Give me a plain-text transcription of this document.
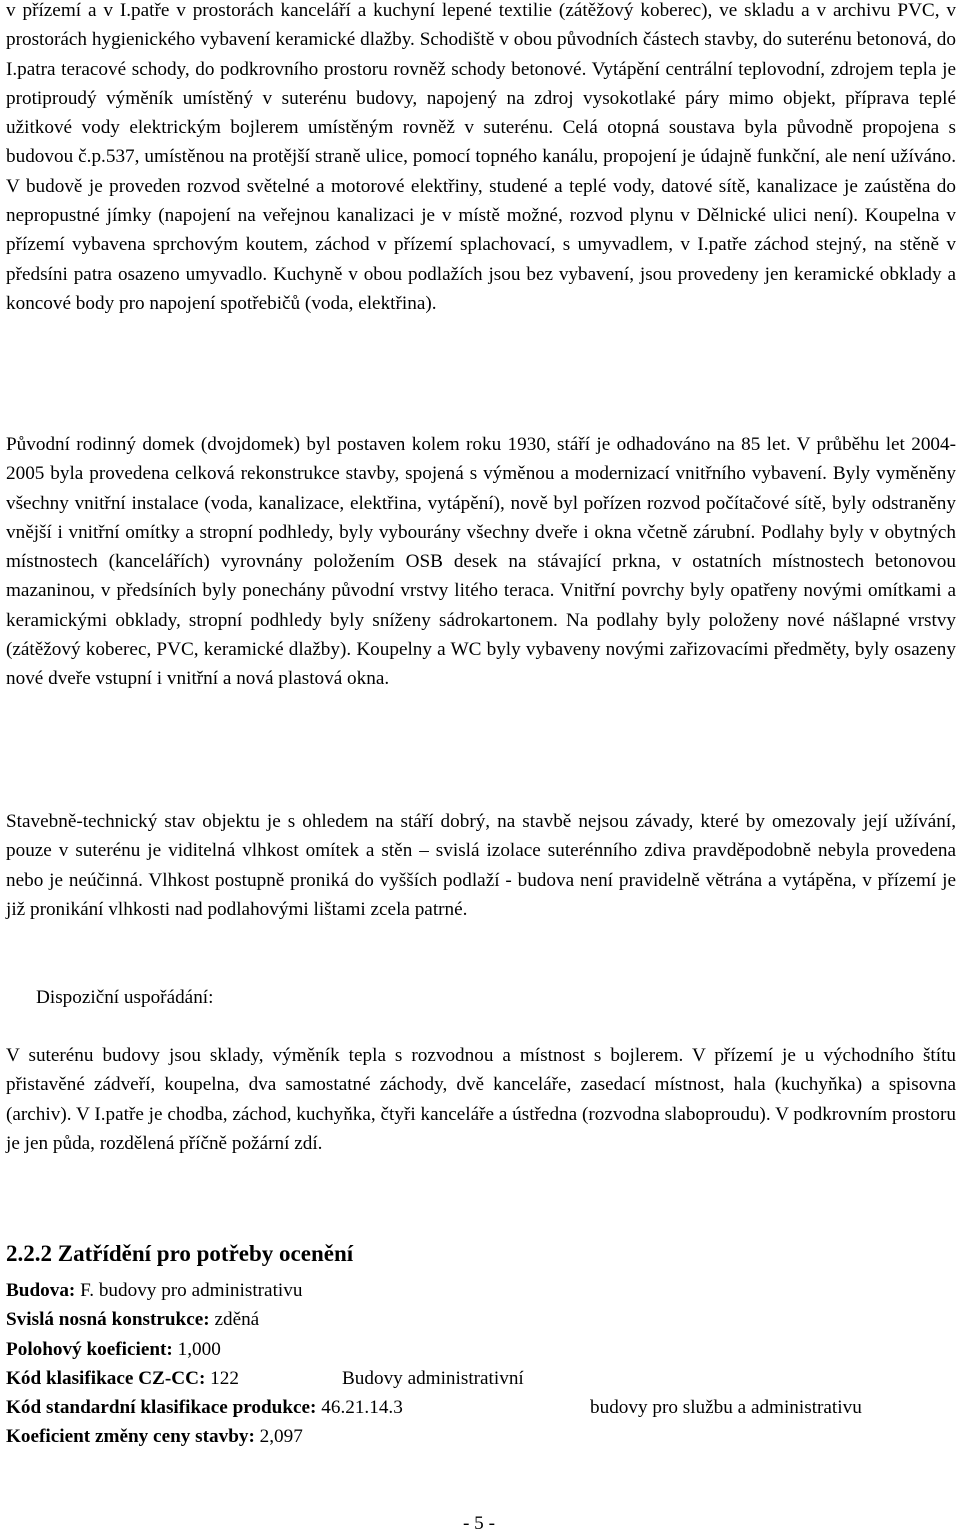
v přízemí a v I.patře v prostorách kanceláří a kuchyní lepené textilie (zátěžový koberec), ve skladu a v archivu PVC, v prostorách hygienického vybavení keramické dlažby. Schodiště v obou původních částech stavby, do suterénu betonová, do I.patra teracové schody, do podkrovního prostoru rovněž schody betonové. Vytápění centrální teplovodní, zdrojem tepla je protiproudý výměník umístěný v suterénu budovy, napojený na zdroj vysokotlaké páry mimo objekt, příprava teplé užitkové vody elektrickým bojlerem umístěným rovněž v suterénu. Celá otopná soustava byla původně propojena s budovou č.p.537, umístěnou na protější straně ulice, pomocí topného kanálu, propojení je údajně funkční, ale není užíváno. V budově je proveden rozvod světelné a motorové elektřiny, studené a teplé vody, datové sítě, kanalizace je zaústěna do nepropustné jímky (napojení na veřejnou kanalizaci je v místě možné, rozvod plynu v Dělnické ulici není). Koupelna v přízemí vybavena sprchovým koutem, záchod v přízemí splachovací, s umyvadlem, v I.patře záchod stejný, na stěně v předsíni patra osazeno umyvadlo. Kuchyně v obou podlažích jsou bez vybavení, jsou provedeny jen keramické obklady a koncové body pro napojení spotřebičů (voda, elektřina).

Původní rodinný domek (dvojdomek) byl postaven kolem roku 1930, stáří je odhadováno na 85 let. V průběhu let 2004-2005 byla provedena celková rekonstrukce stavby, spojená s výměnou a modernizací vnitřního vybavení. Byly vyměněny všechny vnitřní instalace (voda, kanalizace, elektřina, vytápění), nově byl pořízen rozvod počítačové sítě, byly odstraněny vnější i vnitřní omítky a stropní podhledy, byly vybourány všechny dveře i okna včetně zárubní. Podlahy byly v obytných místnostech (kancelářích) vyrovnány položením OSB desek na stávající prkna, v ostatních místnostech betonovou mazaninou, v předsíních byly ponechány původní vrstvy litého teraca. Vnitřní povrchy byly opatřeny novými omítkami a keramickými obklady, stropní podhledy byly sníženy sádrokartonem. Na podlahy byly položeny nové nášlapné vrstvy (zátěžový koberec, PVC, keramické dlažby). Koupelny a WC byly vybaveny novými zařizovacími předměty, byly osazeny nové dveře vstupní i vnitřní a nová plastová okna.

Stavebně-technický stav objektu je s ohledem na stáří dobrý, na stavbě nejsou závady, které by omezovaly její užívání, pouze v suterénu je viditelná vlhkost omítek a stěn – svislá izolace suterénního zdiva pravděpodobně nebyla provedena nebo je neúčinná. Vlhkost postupně proniká do vyšších podlaží - budova není pravidelně větrána a vytápěna, v přízemí je již pronikání vlhkosti nad podlahovými lištami zcela patrné.

Dispoziční uspořádání:

V suterénu budovy jsou sklady, výměník tepla s rozvodnou a místnost s bojlerem. V přízemí je u východního štítu přistavěné zádveří, koupelna, dva samostatné záchody, dvě kanceláře, zasedací místnost, hala (kuchyňka) a spisovna (archiv). V I.patře je chodba, záchod, kuchyňka, čtyři kanceláře a ústředna (rozvodna slaboproudu). V podkrovním prostoru je jen půda, rozdělená příčně požární zdí.

2.2.2 Zatřídění pro potřeby ocenění
Budova: F. budovy pro administrativu
Svislá nosná konstrukce: zděná
Polohový koeficient: 1,000
Kód klasifikace CZ-CC: 122	Budovy administrativní
Kód standardní klasifikace produkce: 46.21.14.3	budovy pro službu a administrativu
Koeficient změny ceny stavby: 2,097

- 5 -
